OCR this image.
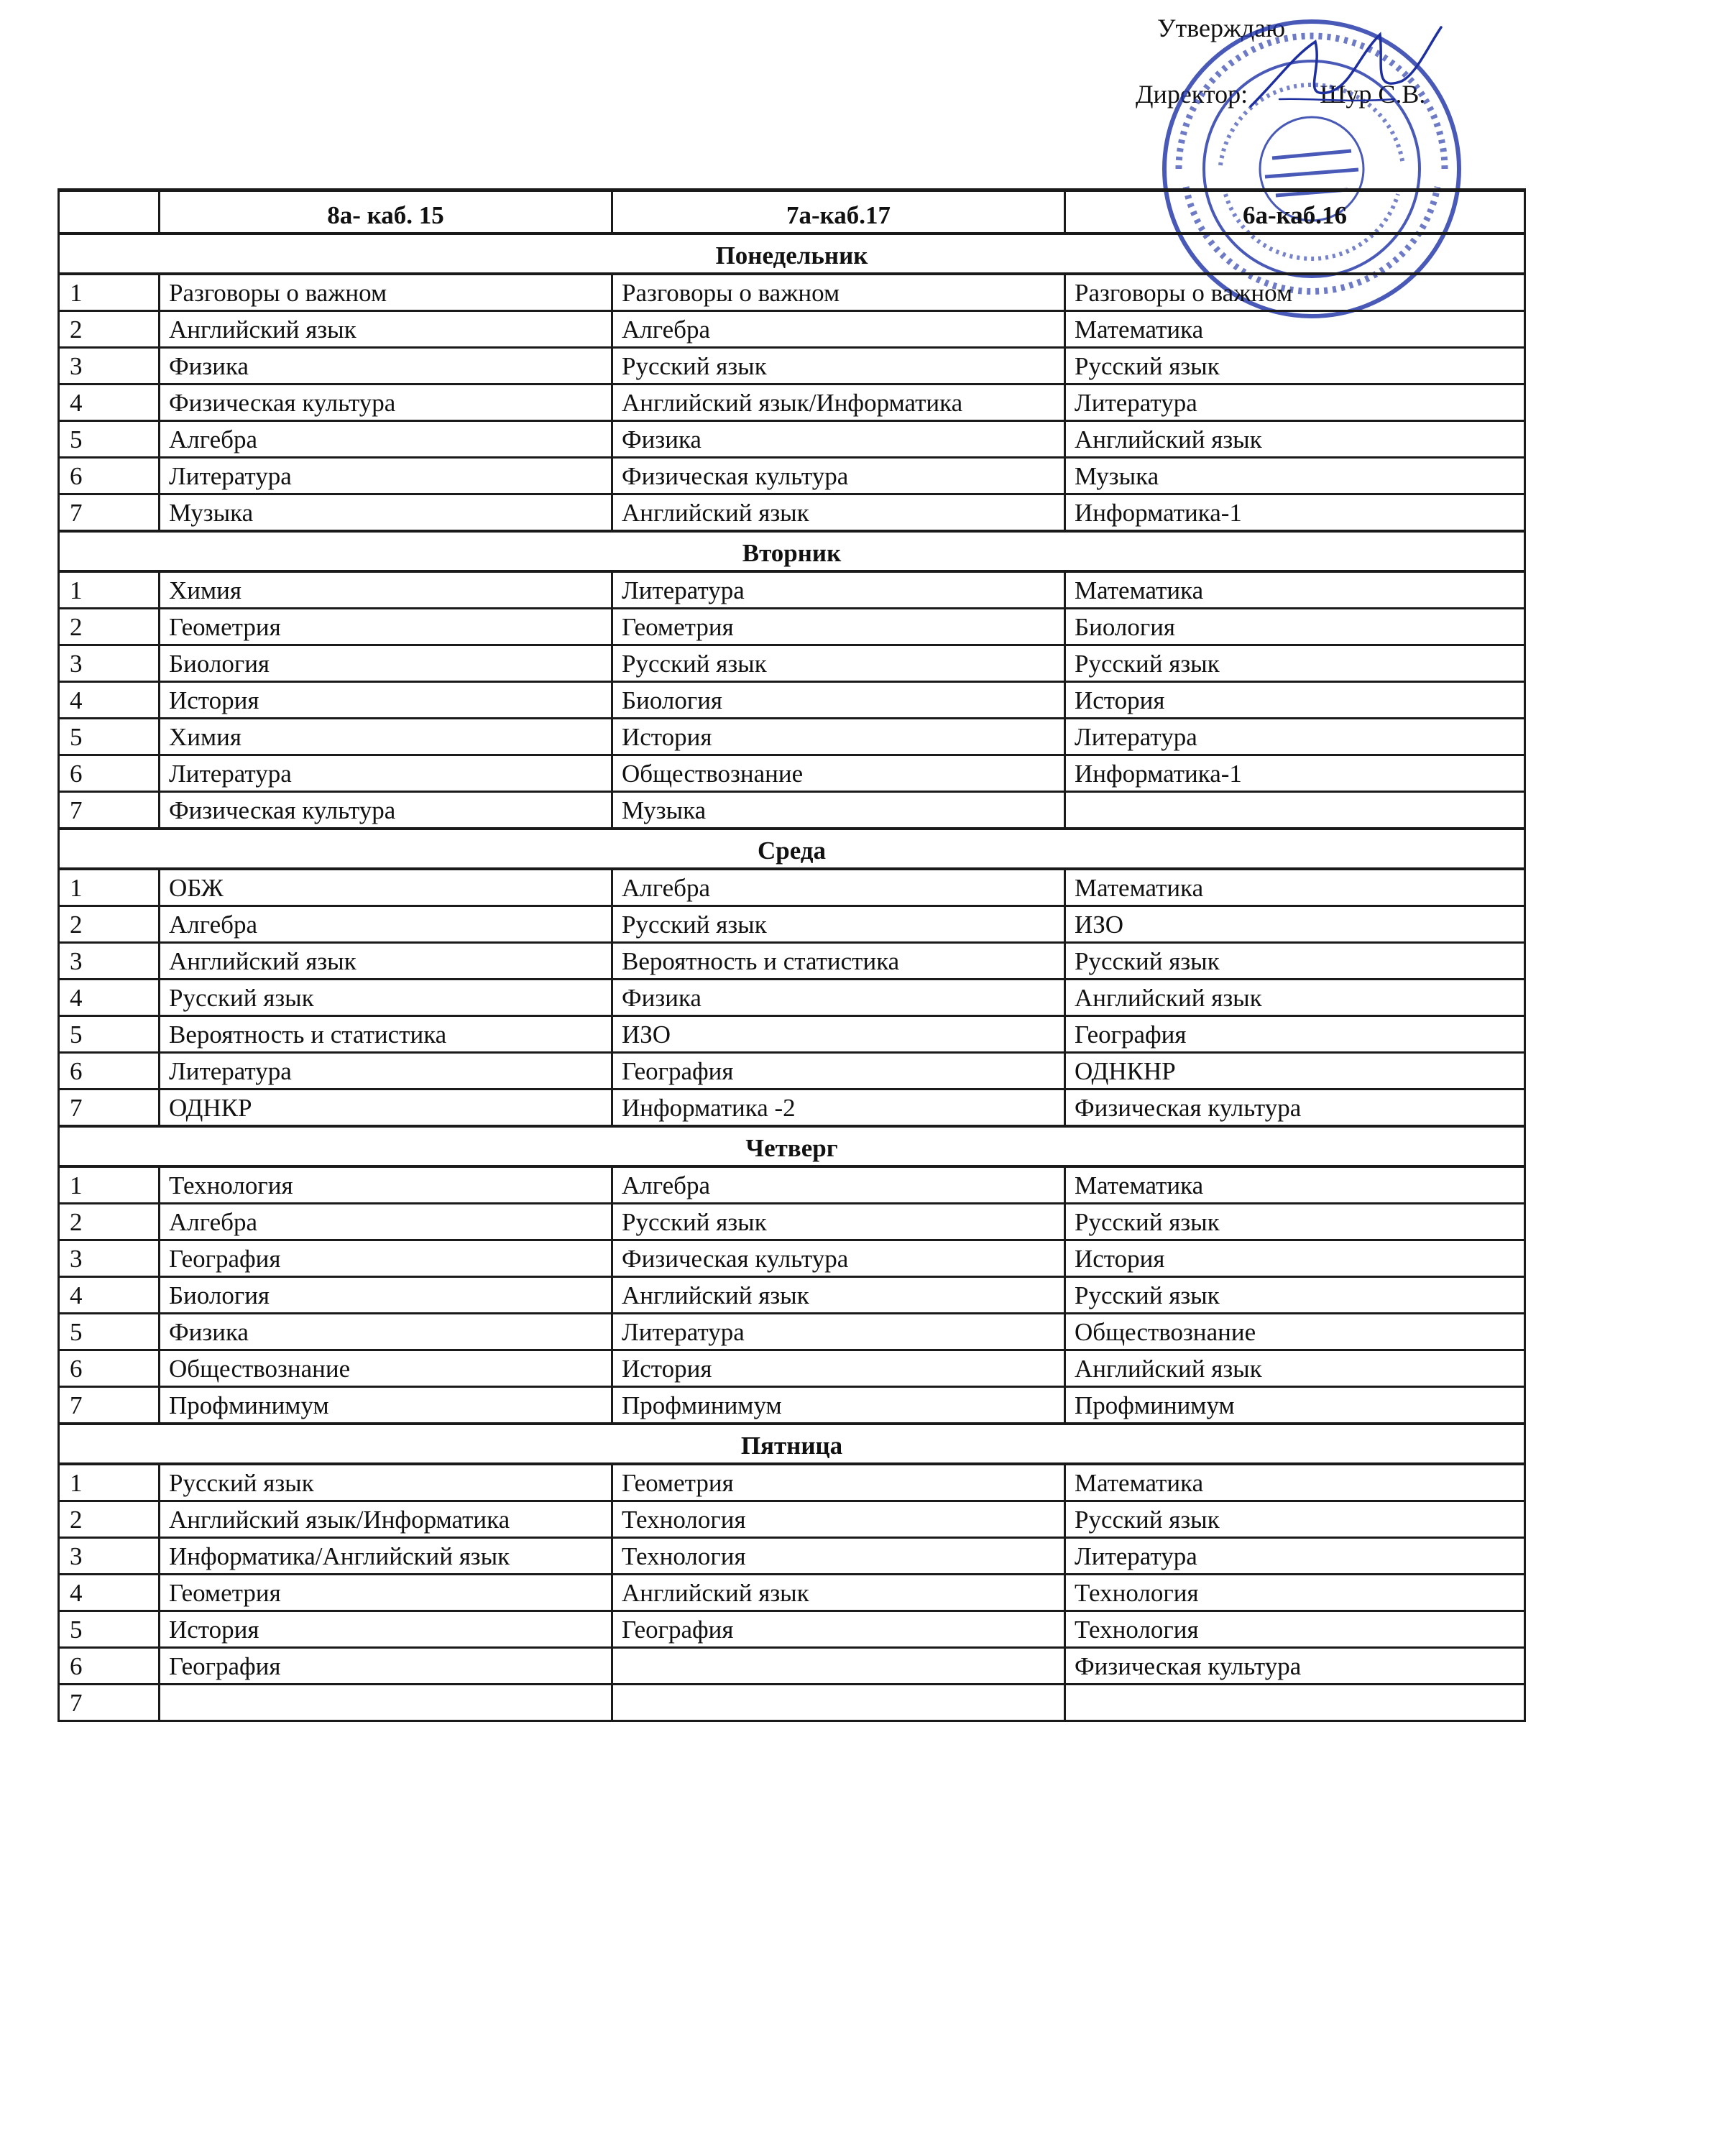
Утверждаю
Директор:	Шур С.В.
	8а- каб. 15	7а-каб.17	6а-каб.16
Понедельник			
1	Разговоры о важном	Разговоры о важном	Разговоры о важном
2	Английский язык	Алгебра	Математика
3	Физика	Русский язык	Русский язык
4	Физическая культура	Английский язык/Информатика	Литература
5	Алгебра	Физика	Английский язык
6	Литература	Физическая культура	Музыка
7	Музыка	Английский язык	Информатика-1
Вторник			
1	Химия	Литература	Математика
2	Геометрия	Геометрия	Биология
3	Биология	Русский язык	Русский язык
4	История	Биология	История
5	Химия	История	Литература
6	Литература	Обществознание	Информатика-1
7	Физическая культура	Музыка	
Среда			
1	ОБЖ	Алгебра	Математика
2	Алгебра	Русский язык	ИЗО
3	Английский язык	Вероятность и статистика	Русский язык
4	Русский язык	Физика	Английский язык
5	Вероятность и статистика	ИЗО	География
6	Литература	География	ОДНКНР
7	ОДНКР	Информатика -2	Физическая культура
Четверг			
1	Технология	Алгебра	Математика
2	Алгебра	Русский язык	Русский язык
3	География	Физическая культура	История
4	Биология	Английский язык	Русский язык
5	Физика	Литература	Обществознание
6	Обществознание	История	Английский язык
7	Профминимум	Профминимум	Профминимум
Пятница			
1	Русский язык	Геометрия	Математика
2	Английский язык/Информатика	Технология	Русский язык
3	Информатика/Английский язык	Технология	Литература
4	Геометрия	Английский язык	Технология
5	История	География	Технология
6	География		Физическая культура
7			
